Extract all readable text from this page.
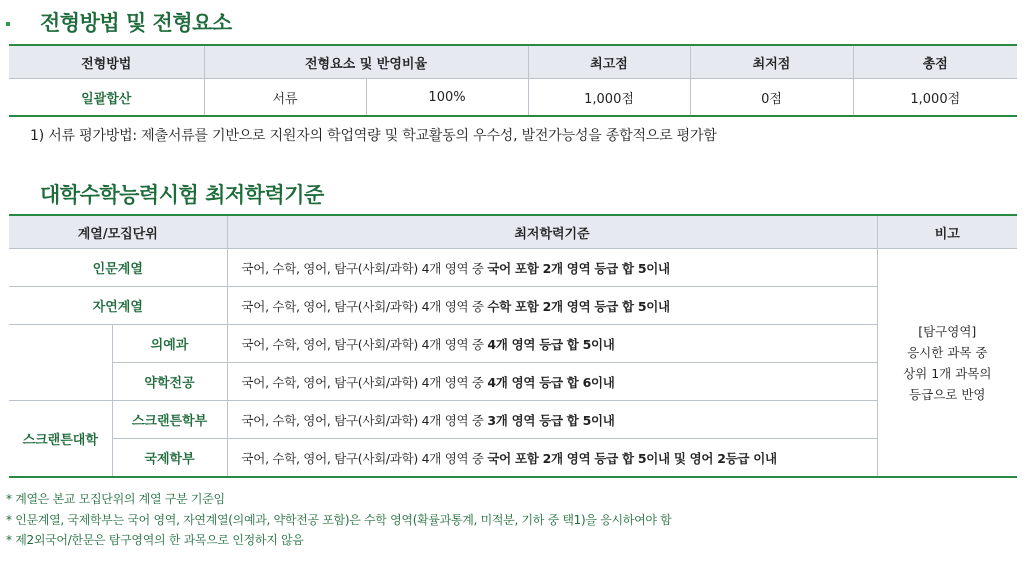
전형방법 및 전형요소
전형방법	전형요소 및 반영비율		최고점	최저점	총점
일괄합산	서류	100%	1,000점	0점	1,000점
1) 서류 평가방법: 제출서류를 기반으로 지원자의 학업역량 및 학교활동의 우수성, 발전가능성을 종합적으로 평가함
대학수학능력시험 최저학력기준
계열/모집단위		최저학력기준	비고
인문계열		국어, 수학, 영어, 탐구(사회/과학) 4개 영역 중 국어 포함 2개 영역 등급 합 5이내	[탐구영역]
응시한 과목 중
상위 1개 과목의
등급으로 반영

자연계열		국어, 수학, 영어, 탐구(사회/과학) 4개 영역 중 수학 포함 2개 영역 등급 합 5이내	
	의예과	국어, 수학, 영어, 탐구(사회/과학) 4개 영역 중 4개 영역 등급 합 5이내	
	약학전공	국어, 수학, 영어, 탐구(사회/과학) 4개 영역 중 4개 영역 등급 합 6이내	
스크랜튼대학	스크랜튼학부	국어, 수학, 영어, 탐구(사회/과학) 4개 영역 중 3개 영역 등급 합 5이내	
	국제학부	국어, 수학, 영어, 탐구(사회/과학) 4개 영역 중 국어 포함 2개 영역 등급 합 5이내 및 영어 2등급 이내	
* 계열은 본교 모집단위의 계열 구분 기준임
* 인문계열, 국제학부는 국어 영역, 자연계열(의예과, 약학전공 포함)은 수학 영역(확률과통계, 미적분, 기하 중 택1)을 응시하여야 함
* 제2외국어/한문은 탐구영역의 한 과목으로 인정하지 않음
